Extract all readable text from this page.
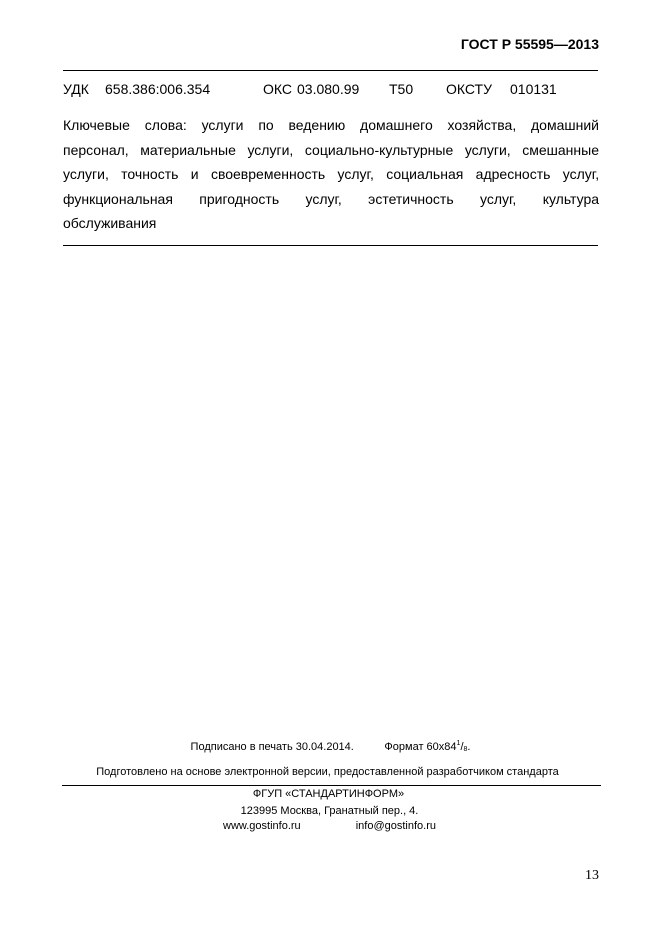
ГОСТ Р 55595—2013
УДК 658.386:006.354	ОКС 03.080.99 Т50 ОКСТУ 010131
Ключевые слова: услуги по ведению домашнего хозяйства, домашний
персонал, материальные услуги, социально-культурные услуги, смешанные
услуги, точность и своевременность услуг, социальная адресность услуг,
функциональная пригодность услуг, эстетичность услуг, культура
обслуживания
Подписано в печать 30.04.2014.	Формат $60x84^1/8$.
Подготовлено на основе электронной версии, предоставленной разработчиком стандарта
ФГУП «СТАНДАРТИНФОРМ»
123995 Москва, Гранатный пер., 4.
www.gostinfo.ru	info@gostinfo.ru
13
